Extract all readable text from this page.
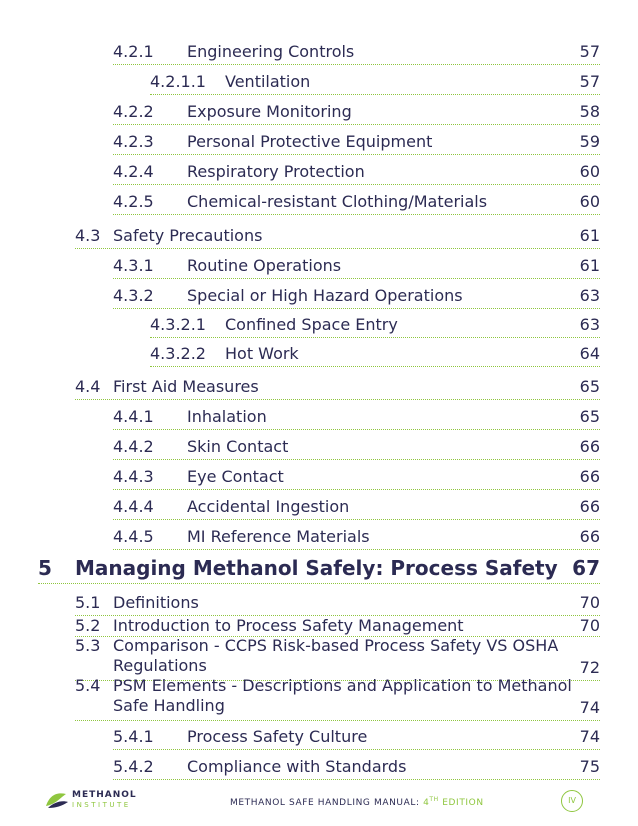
4.2.1 Engineering Controls	57
4.2.1.1 Ventilation	57
4.2.2 Exposure Monitoring	58
4.2.3 Personal Protective Equipment	59
4.2.4 Respiratory Protection	60
4.2.5 Chemical-resistant Clothing/Materials	60
4.3 Safety Precautions	61
4.3.1 Routine Operations	61
4.3.2 Special or High Hazard Operations	63
4.3.2.1 Confined Space Entry	63
4.3.2.2 Hot Work	64
4.4 First Aid Measures	65
4.4.1 Inhalation	65
4.4.2 Skin Contact	66
4.4.3 Eye Contact	66
4.4.4 Accidental Ingestion	66
4.4.5 MI Reference Materials	66
5 Managing Methanol Safely: Process Safety 67
5.1 Definitions	70
5.2 Introduction to Process Safety Management	70
5.3 Comparison - CCPS Risk-based Process Safety VS OSHA Regulations	72
5.4 PSM Elements - Descriptions and Application to Methanol Safe Handling	74
5.4.1 Process Safety Culture	74
5.4.2 Compliance with Standards	75
METHANOL
INSTITUTE	METHANOL SAFE HANDLING MANUAL: 4TH EDITION	IV
